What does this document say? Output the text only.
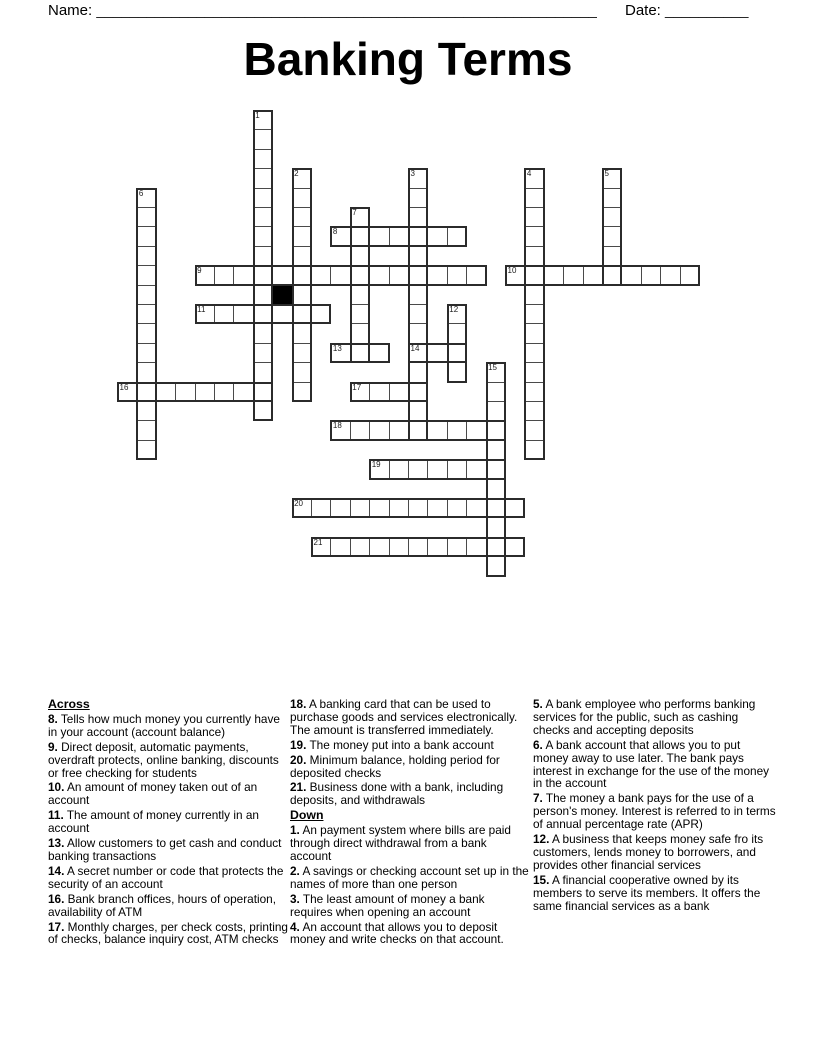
Name: ____________________________________________________________ Date: __________
Banking Terms
1
2	3	4	5
6
7
8
9	10
11	12
13	14
15
16	17
18
19
20
21
Across
8. Tells how much money you currently have in your account (account balance)
9. Direct deposit, automatic payments, overdraft protects, online banking, discounts or free checking for students
10. An amount of money taken out of an account
11. The amount of money currently in an account
13. Allow customers to get cash and conduct banking transactions
14. A secret number or code that protects the security of an account
16. Bank branch offices, hours of operation, availability of ATM
17. Monthly charges, per check costs, printing of checks, balance inquiry cost, ATM checks
18. A banking card that can be used to purchase goods and services electronically. The amount is transferred immediately.
19. The money put into a bank account
20. Minimum balance, holding period for deposited checks
21. Business done with a bank, including deposits, and withdrawals
Down
1. An payment system where bills are paid through direct withdrawal from a bank account
2. A savings or checking account set up in the names of more than one person
3. The least amount of money a bank requires when opening an account
4. An account that allows you to deposit money and write checks on that account.
5. A bank employee who performs banking services for the public, such as cashing checks and accepting deposits
6. A bank account that allows you to put money away to use later. The bank pays interest in exchange for the use of the money in the account
7. The money a bank pays for the use of a person's money. Interest is referred to in terms of annual percentage rate (APR)
12. A business that keeps money safe fro its customers, lends money to borrowers, and provides other financial services
15. A financial cooperative owned by its members to serve its members. It offers the same financial services as a bank
